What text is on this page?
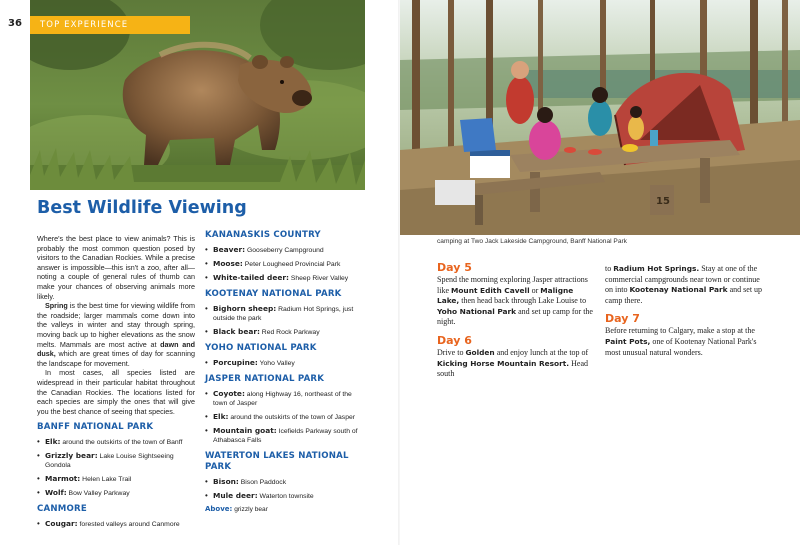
36	TOP EXPERIENCE
Best Wildlife Viewing

Where's the best place to view animals? This is probably the most common question posed by visitors to the Canadian Rockies. While a precise answer is impossible—this isn't a zoo, after all—noting a couple of general rules of thumb can make your chances of observing animals more likely.

Spring is the best time for viewing wildlife from the roadside; larger mammals come down into the valleys in winter and stay through spring, moving back up to higher elevations as the snow melts. Mammals are most active at dawn and dusk, which are great times of day for scanning the landscape for movement.

In most cases, all species listed are widespread in their particular habitat throughout the Canadian Rockies. The locations listed for each species are simply the ones that will give you the best chance of seeing that species.

BANFF NATIONAL PARK
• Elk: around the outskirts of the town of Banff
• Grizzly bear: Lake Louise Sightseeing Gondola
• Marmot: Helen Lake Trail
• Wolf: Bow Valley Parkway
CANMORE
• Cougar: forested valleys around Canmore
KANANASKIS COUNTRY
• Beaver: Gooseberry Campground
• Moose: Peter Lougheed Provincial Park
• White-tailed deer: Sheep River Valley
KOOTENAY NATIONAL PARK
• Bighorn sheep: Radium Hot Springs, just outside the park
• Black bear: Red Rock Parkway
YOHO NATIONAL PARK
• Porcupine: Yoho Valley
JASPER NATIONAL PARK
• Coyote: along Highway 16, northeast of the town of Jasper
• Elk: around the outskirts of the town of Jasper
• Mountain goat: Icefields Parkway south of Athabasca Falls
WATERTON LAKES NATIONAL PARK
• Bison: Bison Paddock
• Mule deer: Waterton townsite
Above: grizzly bear
15
camping at Two Jack Lakeside Campground, Banff National Park
Day 5

Spend the morning exploring Jasper attractions like Mount Edith Cavell or Maligne Lake, then head back through Lake Louise to Yoho National Park and set up camp for the night.

Day 6

Drive to Golden and enjoy lunch at the top of Kicking Horse Mountain Resort. Head south

to Radium Hot Springs. Stay at one of the commercial campgrounds near town or continue on into Kootenay National Park and set up camp there.

Day 7

Before returning to Calgary, make a stop at the Paint Pots, one of Kootenay National Park's most unusual natural wonders.
